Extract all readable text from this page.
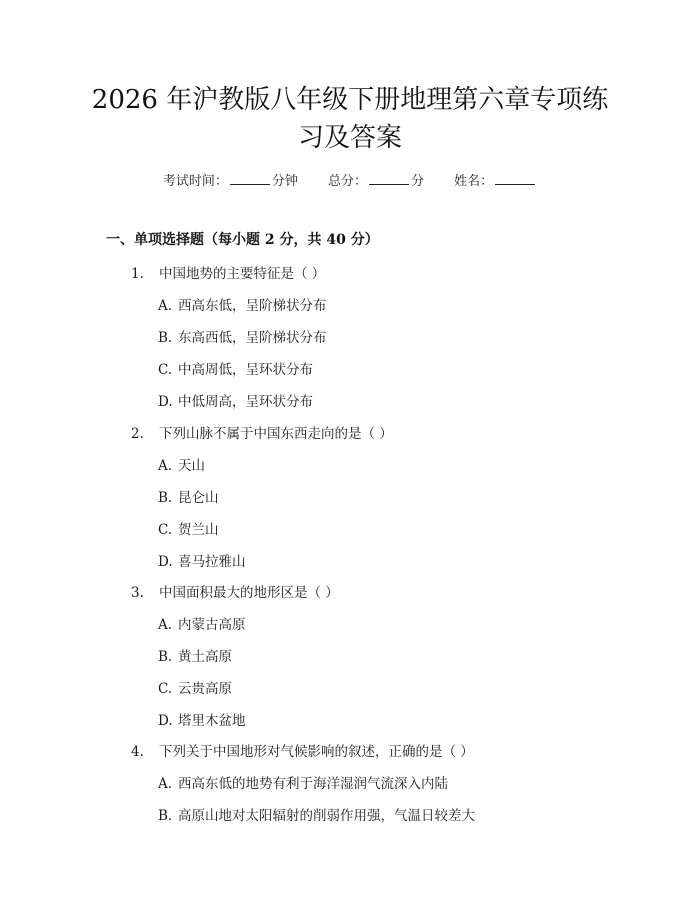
2026 年沪教版八年级下册地理第六章专项练
习及答案
考试时间：	分钟 总分：	分 姓名：
一、单项选择题（每小题 2 分，共 40 分）
1. 中国地势的主要特征是（ ）
A. 西高东低，呈阶梯状分布
B. 东高西低，呈阶梯状分布
C. 中高周低，呈环状分布
D. 中低周高，呈环状分布
2. 下列山脉不属于中国东西走向的是（ ）
A. 天山
B. 昆仑山
C. 贺兰山
D. 喜马拉雅山
3. 中国面积最大的地形区是（ ）
A. 内蒙古高原
B. 黄土高原
C. 云贵高原
D. 塔里木盆地
4. 下列关于中国地形对气候影响的叙述，正确的是（ ）
A. 西高东低的地势有利于海洋湿润气流深入内陆
B. 高原山地对太阳辐射的削弱作用强，气温日较差大
